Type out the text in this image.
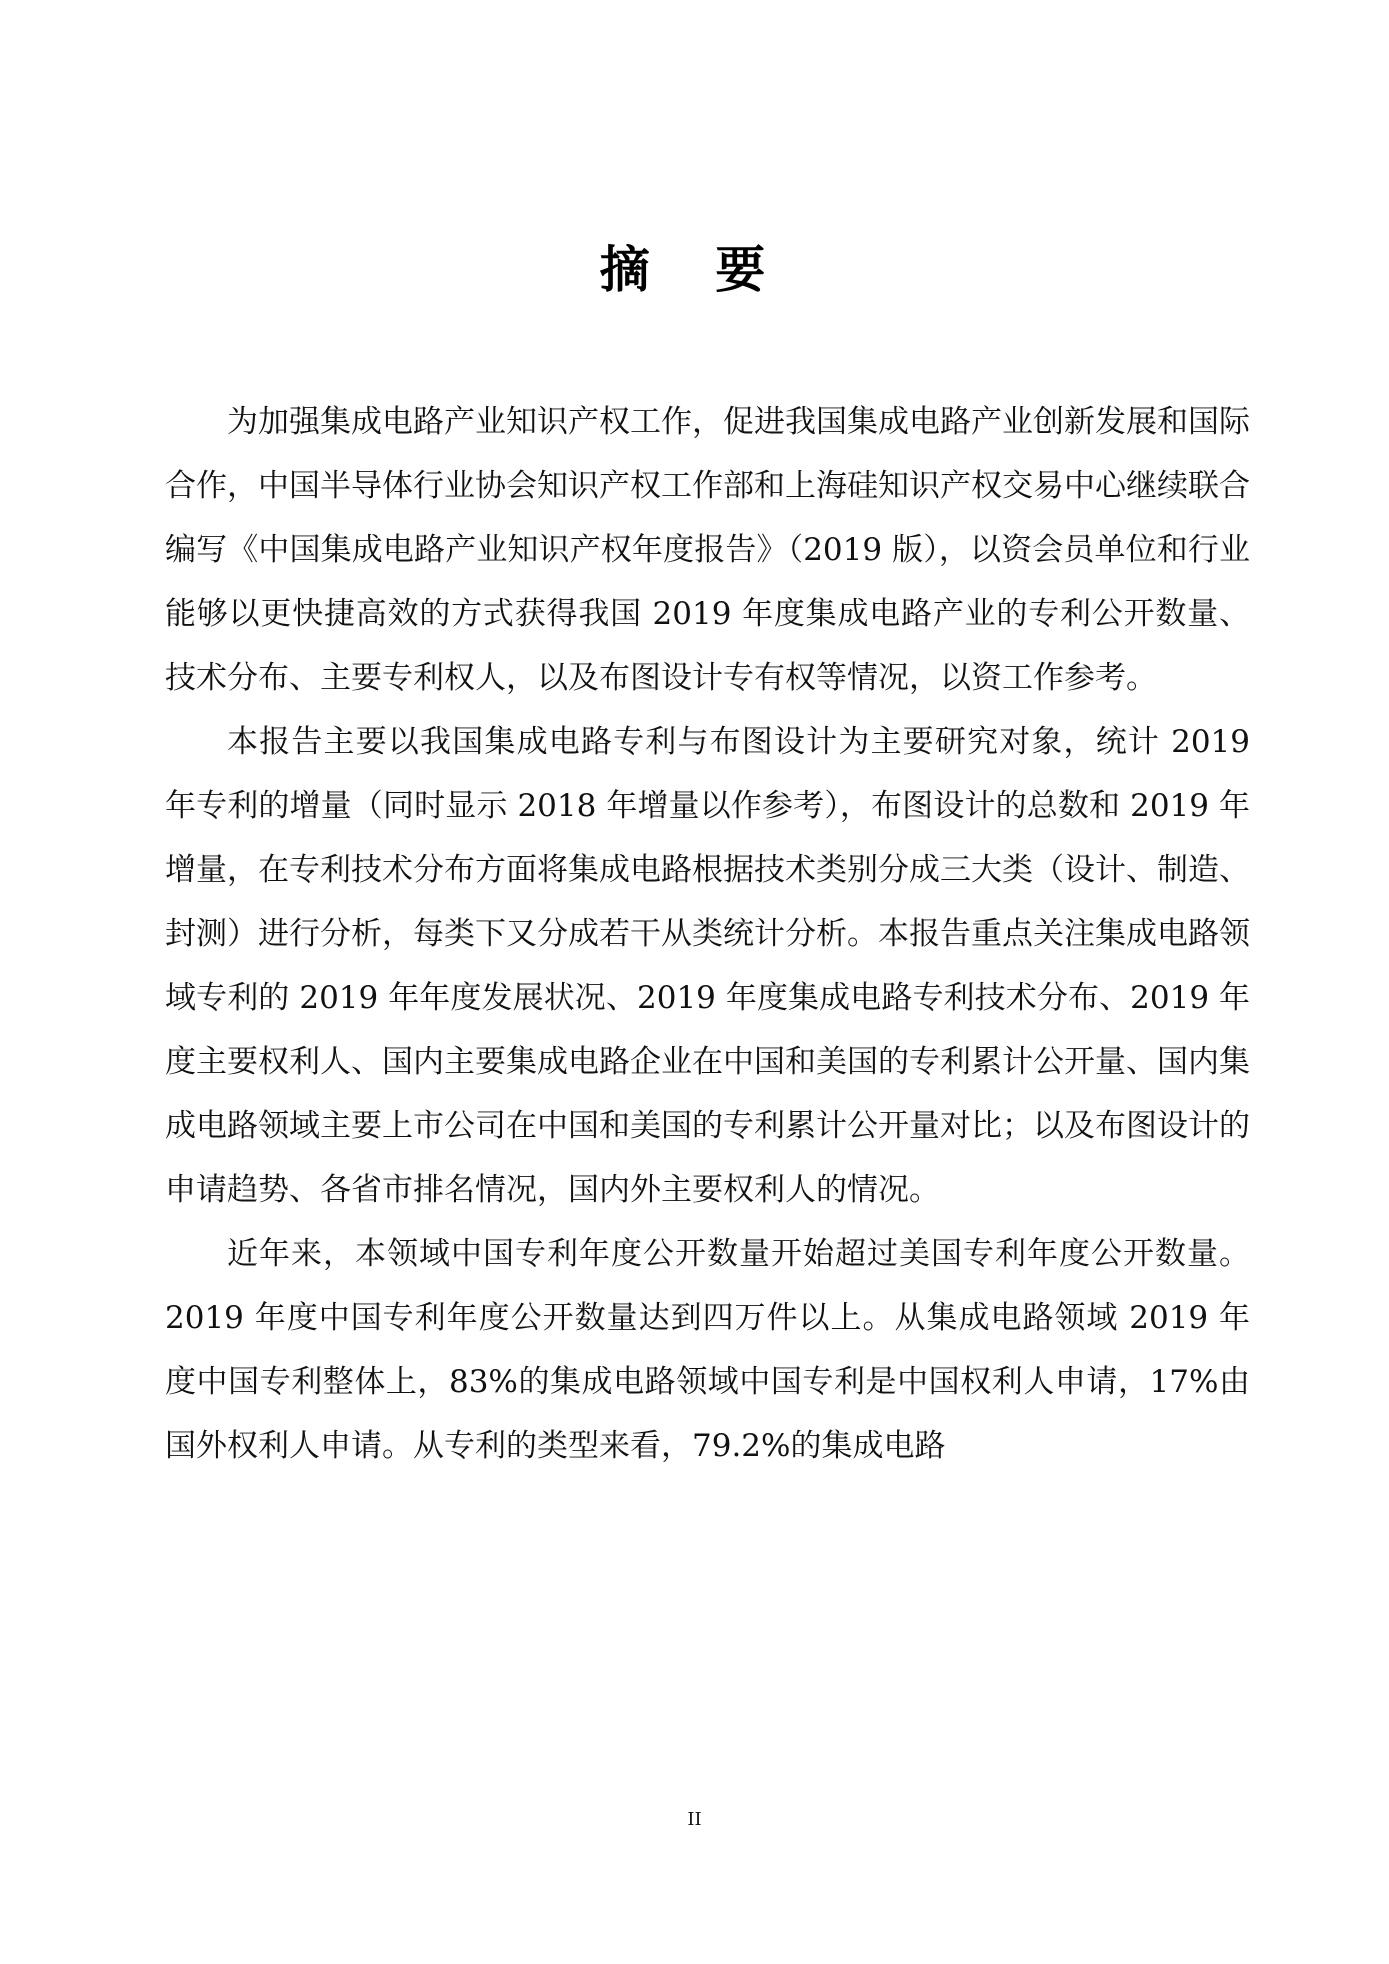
摘 要

为加强集成电路产业知识产权工作，促进我国集成电路产业创新发展和国际合作，中国半导体行业协会知识产权工作部和上海硅知识产权交易中心继续联合编写《中国集成电路产业知识产权年度报告》（2019 版），以资会员单位和行业能够以更快捷高效的方式获得我国 2019 年度集成电路产业的专利公开数量、技术分布、主要专利权人，以及布图设计专有权等情况，以资工作参考。

本报告主要以我国集成电路专利与布图设计为主要研究对象，统计 2019 年专利的增量（同时显示 2018 年增量以作参考），布图设计的总数和 2019 年增量，在专利技术分布方面将集成电路根据技术类别分成三大类（设计、制造、封测）进行分析，每类下又分成若干从类统计分析。本报告重点关注集成电路领域专利的 2019 年年度发展状况、2019 年度集成电路专利技术分布、2019 年度主要权利人、国内主要集成电路企业在中国和美国的专利累计公开量、国内集成电路领域主要上市公司在中国和美国的专利累计公开量对比；以及布图设计的申请趋势、各省市排名情况，国内外主要权利人的情况。

近年来，本领域中国专利年度公开数量开始超过美国专利年度公开数量。2019 年度中国专利年度公开数量达到四万件以上。从集成电路领域 2019 年度中国专利整体上，83%的集成电路领域中国专利是中国权利人申请，17%由国外权利人申请。从专利的类型来看，79.2%的集成电路

II
